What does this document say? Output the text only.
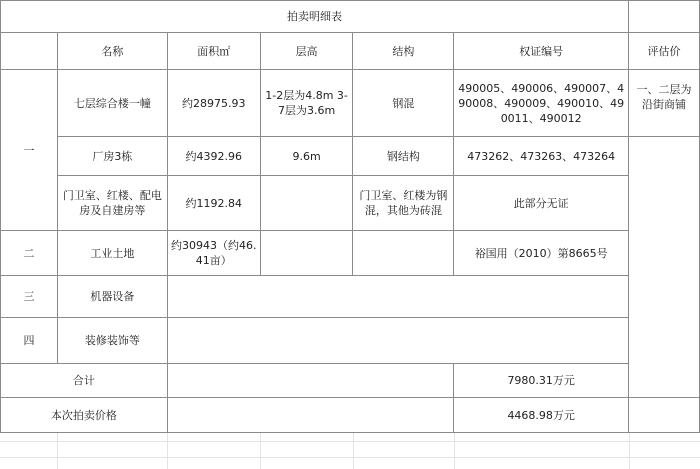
拍卖明细表						
	名称	面积㎡	层高	结构	权证编号	评估价
一	七层综合楼一幢	约28975.93	1-2层为4.8m 3-7层为3.6m	钢混	490005、490006、490007、490008、490009、490010、490011、490012	一、二层为沿街商铺
	厂房3栋	约4392.96	9.6m	钢结构	473262、473263、473264	
	门卫室、红楼、配电房及自建房等	约1192.84		门卫室、红楼为钢混，其他为砖混	此部分无证	
二	工业土地	约30943（约46.41亩）			裕国用（2010）第8665号	
三	机器设备					
四	装修装饰等					
合计					7980.31万元	
本次拍卖价格					4468.98万元	
